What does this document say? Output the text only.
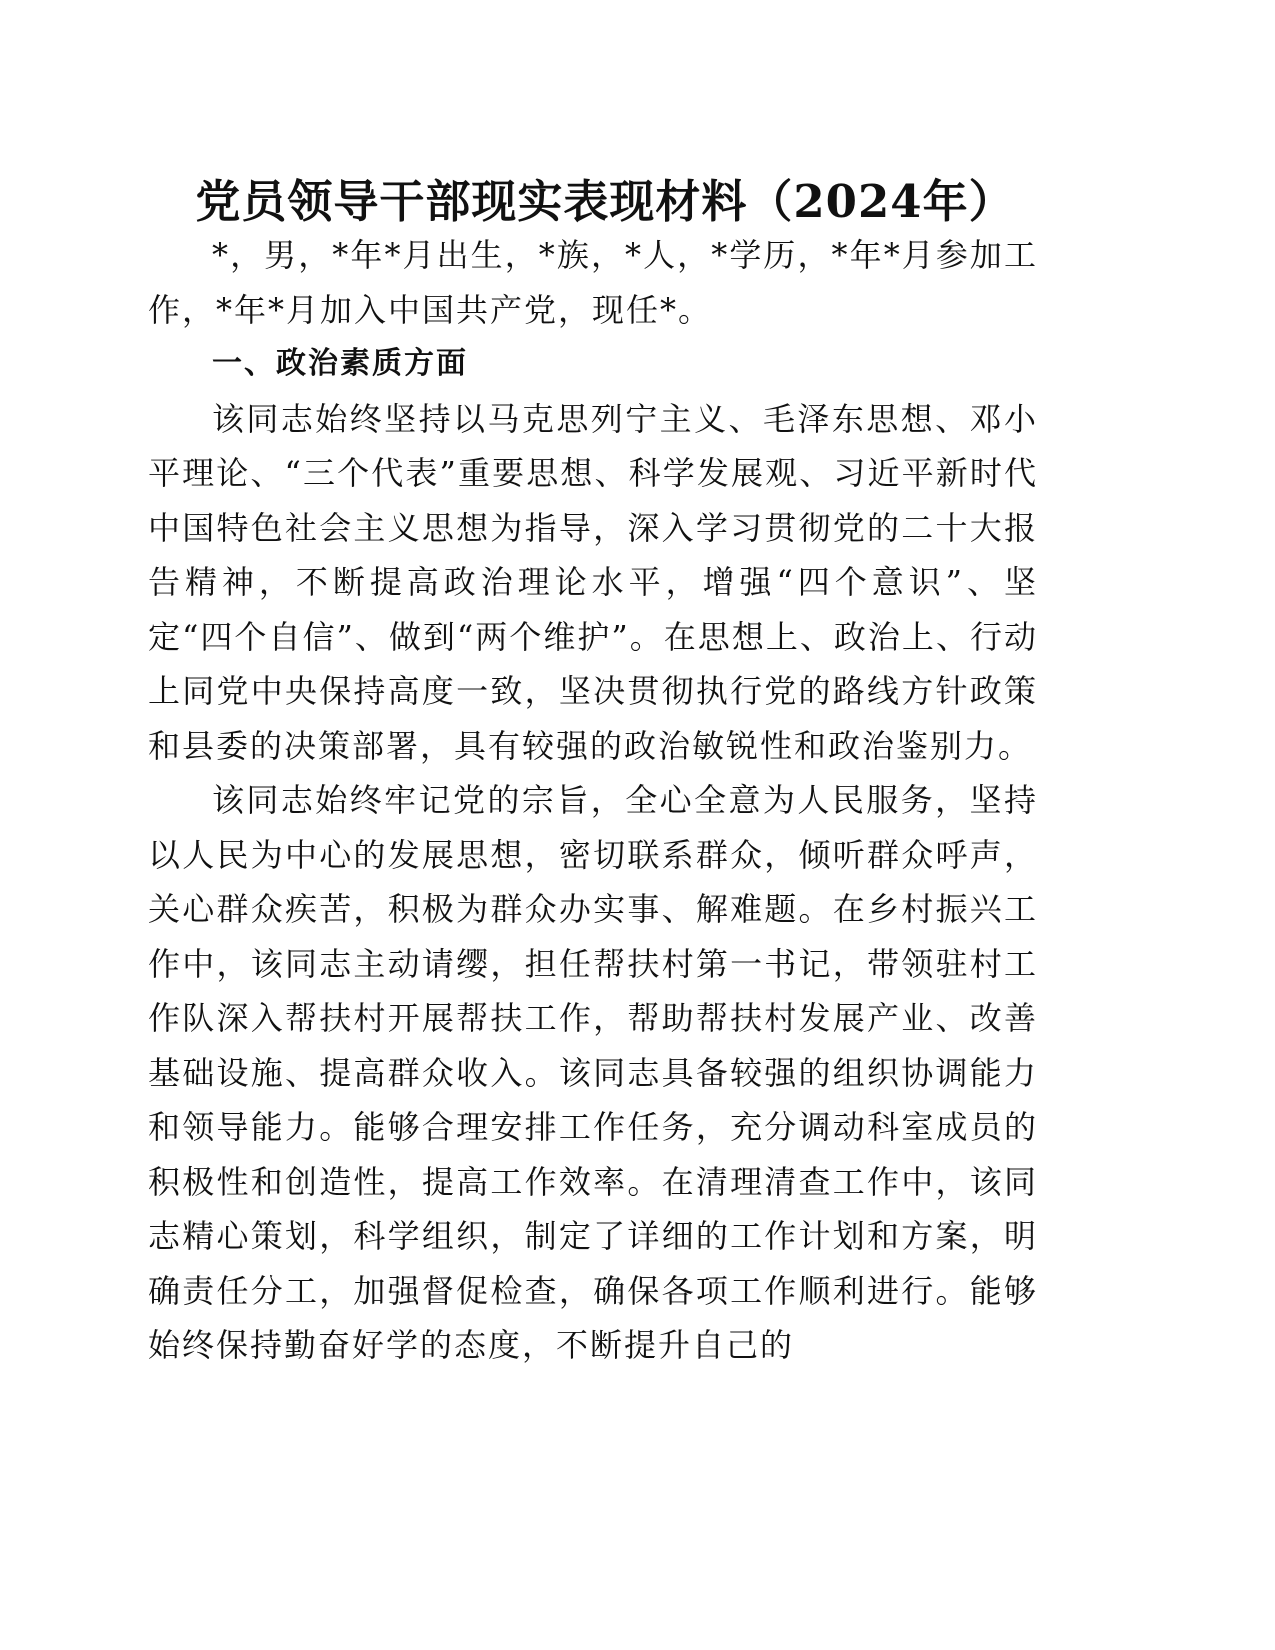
党员领导干部现实表现材料（2024年）

*，男，*年*月出生，*族，*人，*学历，*年*月参加工作，*年*月加入中国共产党，现任*。

一、政治素质方面

该同志始终坚持以马克思列宁主义、毛泽东思想、邓小平理论、“三个代表”重要思想、科学发展观、习近平新时代中国特色社会主义思想为指导，深入学习贯彻党的二十大报告精神，不断提高政治理论水平，增强“四个意识”、坚定“四个自信”、做到“两个维护”。在思想上、政治上、行动上同党中央保持高度一致，坚决贯彻执行党的路线方针政策和县委的决策部署，具有较强的政治敏锐性和政治鉴别力。

该同志始终牢记党的宗旨，全心全意为人民服务，坚持以人民为中心的发展思想，密切联系群众，倾听群众呼声，关心群众疾苦，积极为群众办实事、解难题。在乡村振兴工作中，该同志主动请缨，担任帮扶村第一书记，带领驻村工作队深入帮扶村开展帮扶工作，帮助帮扶村发展产业、改善基础设施、提高群众收入。该同志具备较强的组织协调能力和领导能力。能够合理安排工作任务，充分调动科室成员的积极性和创造性，提高工作效率。在清理清查工作中，该同志精心策划，科学组织，制定了详细的工作计划和方案，明确责任分工，加强督促检查，确保各项工作顺利进行。能够始终保持勤奋好学的态度，不断提升自己的
